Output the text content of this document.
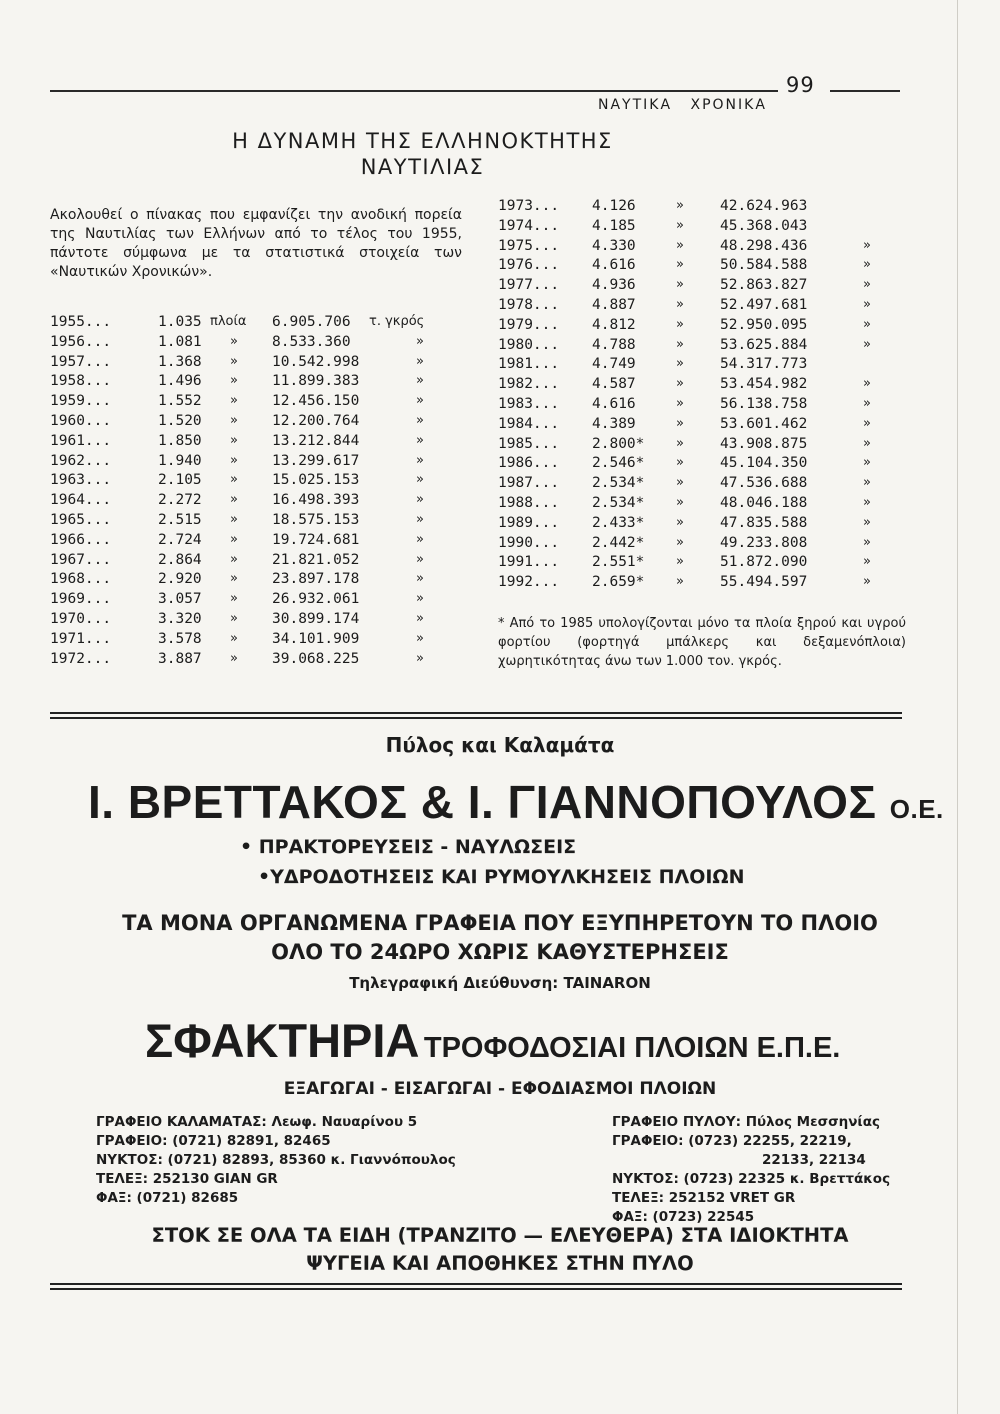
99
ΝΑΥΤΙΚΑ ΧΡΟΝΙΚΑ
Η ΔΥΝΑΜΗ ΤΗΣ ΕΛΛΗΝΟΚΤΗΤΗΣ
ΝΑΥΤΙΛΙΑΣ
Ακολουθεί ο πίνακας που εμφανίζει την ανοδική πορεία της Ναυτιλίας των Ελλήνων από το τέλος του 1955, πάντοτε σύμφωνα με τα στατιστικά στοιχεία των «Ναυτικών Χρονικών».
1955...	1.035 πλοία 6.905.706 τ. γκρός
1956...	1.081 » 8.533.360	»
1957...	1.368 » 10.542.998	»
1958...	1.496 » 11.899.383	»
1959...	1.552 » 12.456.150	»
1960...	1.520 » 12.200.764	»
1961...	1.850 » 13.212.844	»
1962...	1.940 » 13.299.617	»
1963...	2.105 » 15.025.153	»
1964...	2.272 » 16.498.393	»
1965...	2.515 » 18.575.153	»
1966...	2.724 » 19.724.681	»
1967...	2.864 » 21.821.052	»
1968...	2.920 » 23.897.178	»
1969...	3.057 » 26.932.061	»
1970...	3.320 » 30.899.174	»
1971...	3.578 » 34.101.909	»
1972...	3.887 » 39.068.225	»
1973... 4.126	» 42.624.963
1974... 4.185	» 45.368.043
1975... 4.330	» 48.298.436	»
1976... 4.616	» 50.584.588	»
1977... 4.936	» 52.863.827	»
1978... 4.887	» 52.497.681	»
1979... 4.812	» 52.950.095	»
1980... 4.788	» 53.625.884	»
1981... 4.749	» 54.317.773
1982... 4.587	» 53.454.982	»
1983... 4.616	» 56.138.758	»
1984... 4.389	» 53.601.462	»
1985... 2.800* » 43.908.875	»
1986... 2.546* » 45.104.350	»
1987... 2.534* » 47.536.688	»
1988... 2.534* » 48.046.188	»
1989... 2.433* » 47.835.588	»
1990... 2.442* » 49.233.808	»
1991... 2.551* » 51.872.090	»
1992... 2.659* » 55.494.597	»
* Από το 1985 υπολογίζονται μόνο τα πλοία ξηρού και υγρού φορτίου (φορτηγά μπάλκερς και δεξαμενόπλοια) χωρητικότητας άνω των 1.000 τον. γκρός.
Πύλος και Καλαμάτα
Ι. ΒΡΕΤΤΑΚΟΣ & Ι. ΓΙΑΝΝΟΠΟΥΛΟΣ Ο.Ε.
• ΠΡΑΚΤΟΡΕΥΣΕΙΣ - ΝΑΥΛΩΣΕΙΣ
•ΥΔΡΟΔΟΤΗΣΕΙΣ ΚΑΙ ΡΥΜΟΥΛΚΗΣΕΙΣ ΠΛΟΙΩΝ
ΤΑ ΜΟΝΑ ΟΡΓΑΝΩΜΕΝΑ ΓΡΑΦΕΙΑ ΠΟΥ ΕΞΥΠΗΡΕΤΟΥΝ ΤΟ ΠΛΟΙΟ
ΟΛΟ ΤΟ 24ΩΡΟ ΧΩΡΙΣ ΚΑΘΥΣΤΕΡΗΣΕΙΣ
Τηλεγραφική Διεύθυνση: TAINARON
ΣΦΑΚΤΗΡΙΑ ΤΡΟΦΟΔΟΣΙΑΙ ΠΛΟΙΩΝ Ε.Π.Ε.
ΕΞΑΓΩΓΑΙ - ΕΙΣΑΓΩΓΑΙ - ΕΦΟΔΙΑΣΜΟΙ ΠΛΟΙΩΝ
ΓΡΑΦΕΙΟ ΚΑΛΑΜΑΤΑΣ: Λεωφ. Ναυαρίνου 5
ΓΡΑΦΕΙΟ: (0721) 82891, 82465
ΝΥΚΤΟΣ: (0721) 82893, 85360 κ. Γιαννόπουλος
ΤΕΛΕΞ: 252130 GIAN GR
ΦΑΞ: (0721) 82685
ΓΡΑΦΕΙΟ ΠΥΛΟΥ: Πύλος Μεσσηνίας
ΓΡΑΦΕΙΟ: (0723) 22255, 22219,
22133, 22134
ΝΥΚΤΟΣ: (0723) 22325 κ. Βρεττάκος
ΤΕΛΕΞ: 252152 VRET GR
ΦΑΞ: (0723) 22545
ΣΤΟΚ ΣΕ ΟΛΑ ΤΑ ΕΙΔΗ (ΤΡΑΝΖΙΤΟ — ΕΛΕΥΘΕΡΑ) ΣΤΑ ΙΔΙΟΚΤΗΤΑ
ΨΥΓΕΙΑ ΚΑΙ ΑΠΟΘΗΚΕΣ ΣΤΗΝ ΠΥΛΟ
